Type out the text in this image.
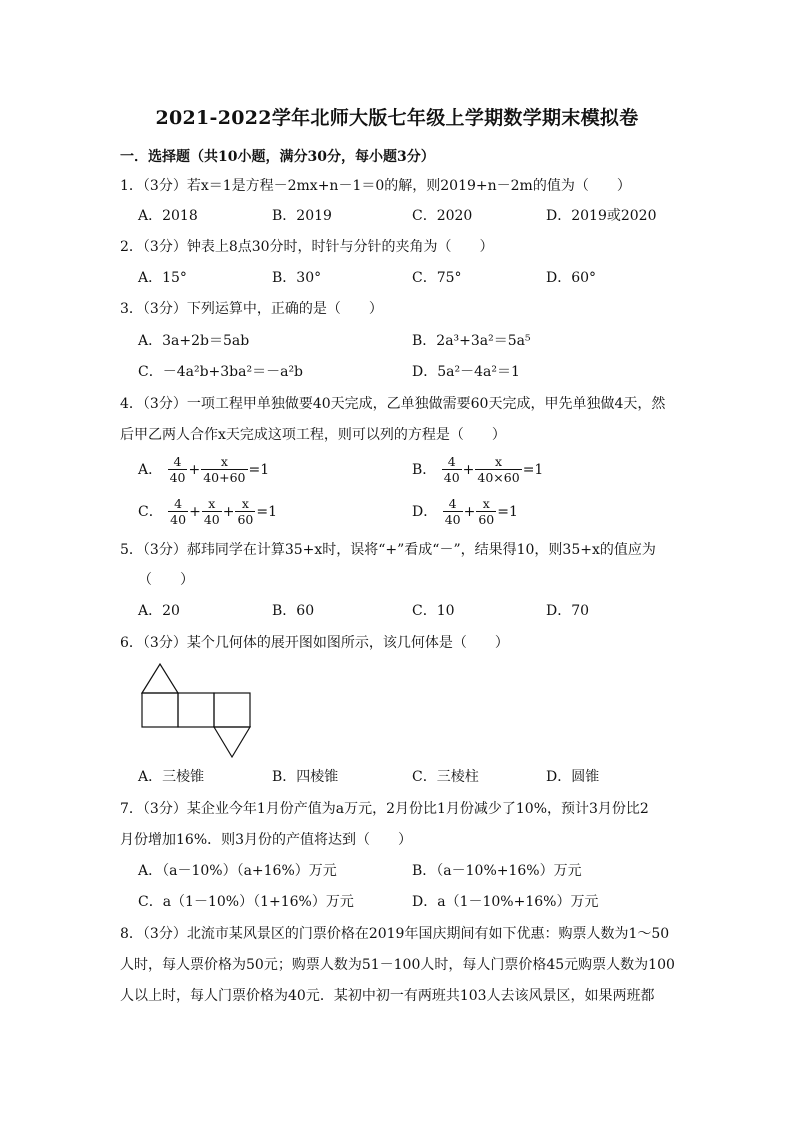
2021-2022学年北师大版七年级上学期数学期末模拟卷
一．选择题（共10小题，满分30分，每小题3分）
1．（3分）若x＝1是方程－2mx+n－1＝0的解，则2019+n－2m的值为（　　）
A．2018	B．2019	C．2020	D．2019或2020
2．（3分）钟表上8点30分时，时针与分针的夹角为（　　）
A．15°	B．30°	C．75°	D．60°
3．（3分）下列运算中，正确的是（　　）
A．3a+2b＝5ab	B．2a³+3a²＝5a⁵
C．－4a²b+3ba²＝－a²b	D．5a²－4a²＝1
4．（3分）一项工程甲单独做要40天完成，乙单独做需要60天完成，甲先单独做4天，然
后甲乙两人合作x天完成这项工程，则可以列的方程是（　　）
A． $\frac{4}{40} + \frac{x}{40+60} =1$	B． $\frac{4}{40} + \frac{x}{40\times 60} =1$
C． $\frac{4}{40} + \frac{x}{40} + \frac{x}{60} =1$	D． $\frac{4}{40} + \frac{x}{60} =1$
5．（3分）郝玮同学在计算35+x时，误将“+”看成“－”，结果得10，则35+x的值应为
（　　）
A．20	B．60	C．10	D．70
6．（3分）某个几何体的展开图如图所示，该几何体是（　　）
A．三棱锥	B．四棱锥	C．三棱柱	D．圆锥
7．（3分）某企业今年1月份产值为a万元，2月份比1月份减少了10%，预计3月份比2
月份增加16%．则3月份的产值将达到（　　）
A．（a－10%）（a+16%）万元	B．（a－10%+16%）万元
C．a（1－10%）（1+16%）万元	D．a（1－10%+16%）万元
8．（3分）北流市某风景区的门票价格在2019年国庆期间有如下优惠：购票人数为1～50
人时，每人票价格为50元；购票人数为51－100人时，每人门票价格45元购票人数为100
人以上时，每人门票价格为40元．某初中初一有两班共103人去该风景区，如果两班都
